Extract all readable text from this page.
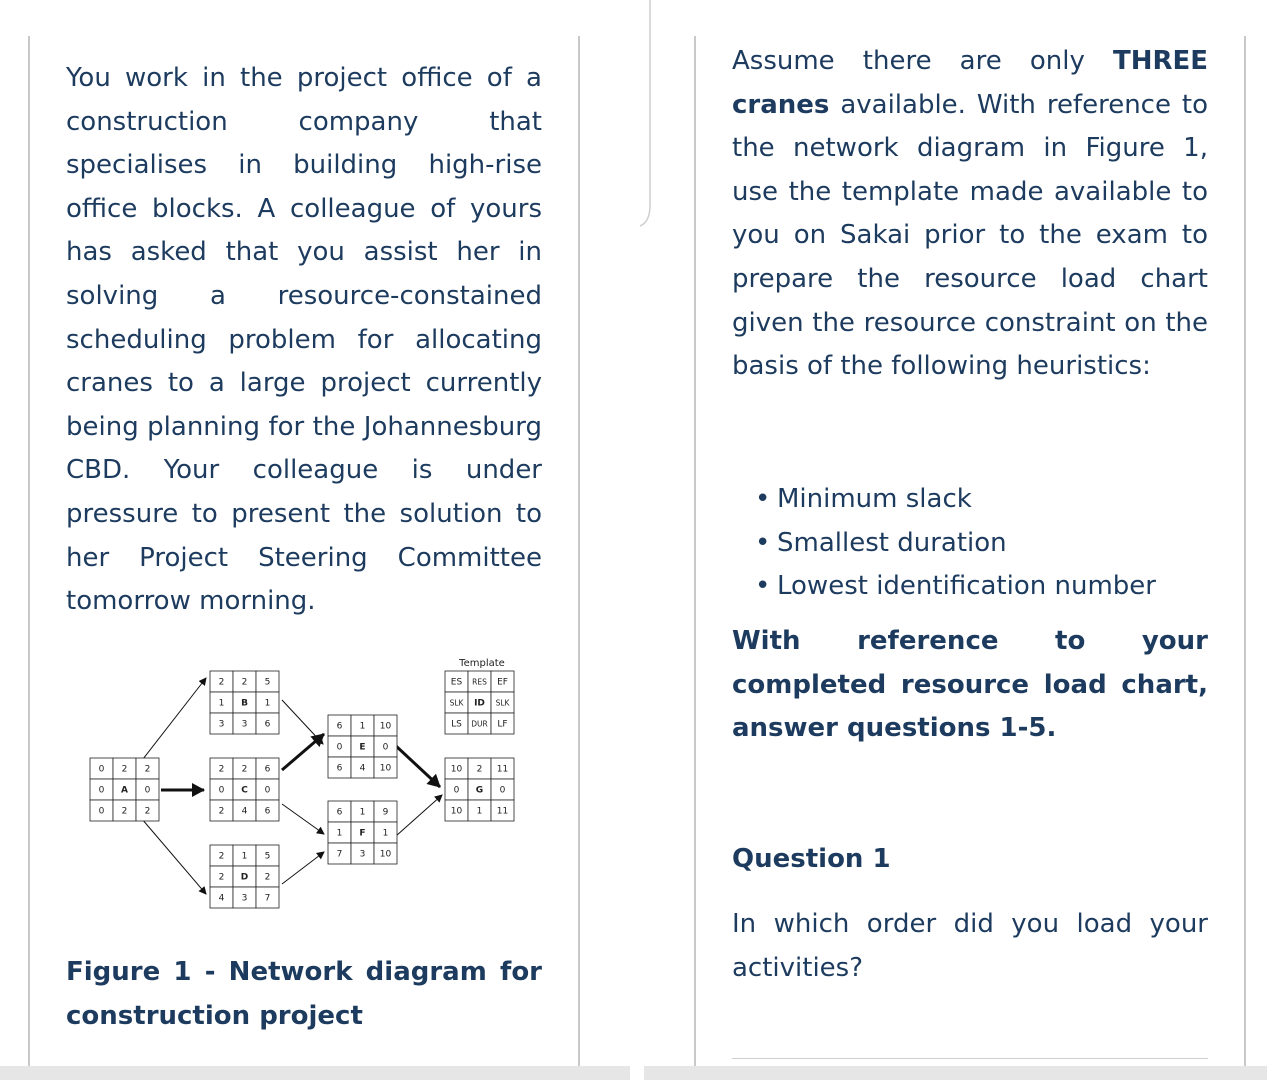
You work in the project office of a construction company that specialises in building high-rise office blocks. A colleague of yours has asked that you assist her in solving a resource-constained scheduling problem for allocating cranes to a large project currently being planning for the Johannesburg CBD. Your colleague is under pressure to present the solution to her Project Steering Committee tomorrow morning.

Template
ES RES EF
SLK ID SLK
LS DUR LF
0 2 2
0 A 0
0 2 2
2 2 5
1 B 1
3 3 6
2 2 6
0 C 0
2 4 6
2 1 5
2 D 2
4 3 7
6 1 10
0 E 0
6 4 10
6 1 9
1 F 1
7 3 10
10 2 11
0 G 0
10 1 11

Figure 1 - Network diagram for construction project

Assume there are only THREE cranes available. With reference to the network diagram in Figure 1, use the template made available to you on Sakai prior to the exam to prepare the resource load chart given the resource constraint on the basis of the following heuristics:

• Minimum slack
• Smallest duration
• Lowest identification number

With reference to your completed resource load chart, answer questions 1-5.

Question 1

In which order did you load your activities?
